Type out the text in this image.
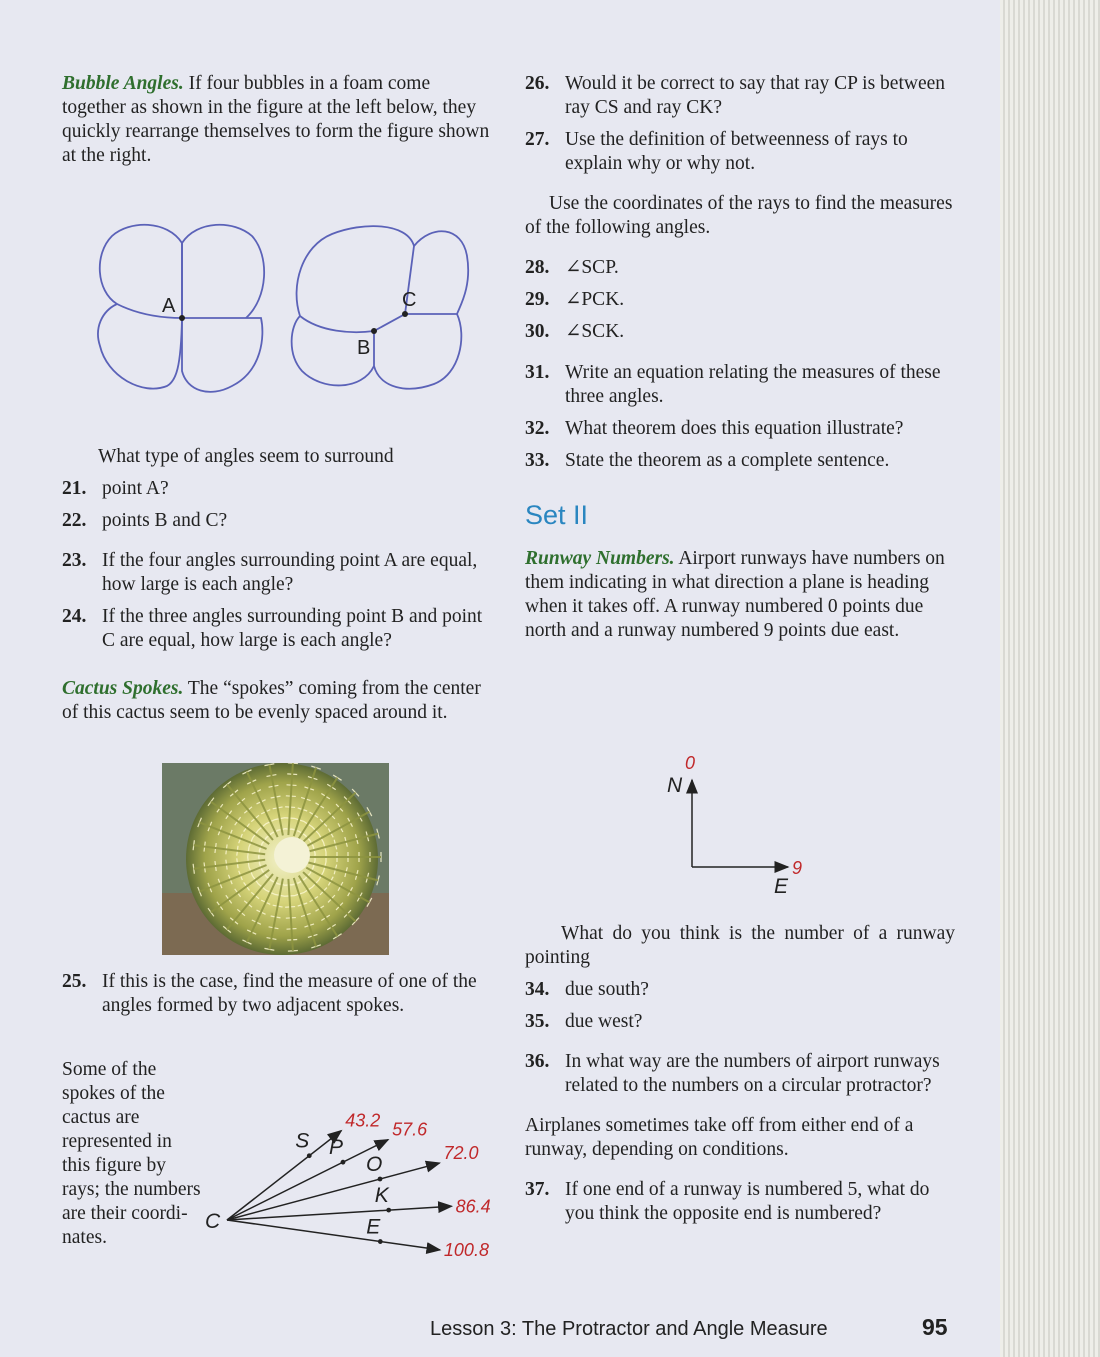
Bubble Angles. If four bubbles in a foam come together as shown in the figure at the left below, they quickly rearrange themselves to form the figure shown at the right.

A	C
B

What type of angles seem to surround

21. point A?
22. points B and C?
23. If the four angles surrounding point A are equal, how large is each angle?
24. If the three angles surrounding point B and point C are equal, how large is each angle?

Cactus Spokes. The “spokes” coming from the center of this cactus seem to be evenly spaced around it.

25. If this is the case, find the measure of one of the angles formed by two adjacent spokes.

Some of the spokes of the cactus are represented in this figure by rays; the numbers are their coordi-nates.

S
43.2
P
57.6
O	72.0
K	86.4
E
100.8
C
26. Would it be correct to say that ray CP is between ray CS and ray CK?
27. Use the definition of betweenness of rays to explain why or why not.

Use the coordinates of the rays to find the measures of the following angles.

28. ∠SCP.
29. ∠PCK.
30. ∠SCK.
31. Write an equation relating the measures of these three angles.
32. What theorem does this equation illustrate?
33. State the theorem as a complete sentence.

Set II

Runway Numbers. Airport runways have numbers on them indicating in what direction a plane is heading when it takes off. A runway numbered 0 points due north and a runway numbered 9 points due east.

0
N
9
E

What do you think is the number of a runway pointing

34. due south?
35. due west?
36. In what way are the numbers of airport runways related to the numbers on a circular protractor?

Airplanes sometimes take off from either end of a runway, depending on conditions.

37. If one end of a runway is numbered 5, what do you think the opposite end is numbered?
Lesson 3: The Protractor and Angle Measure	95
